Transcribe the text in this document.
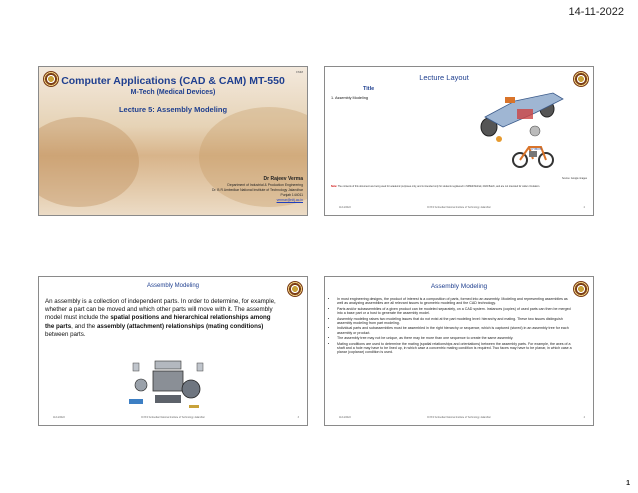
14-11-2022
FMM
Computer Applications (CAD & CAM) MT-550
M-Tech (Medical Devices)
Lecture 5: Assembly Modeling
Dr Rajeev Verma
Department of Industrial & Production Engineering
Dr. B R Ambedkar National Institute of Technology Jalandhar
Punjab 144011
vermar@nitj.ac.in
Lecture Layout
Title
1. Assembly Modeling
CYBO®
Source: Google images
Note: The contents of this document are being used for academic purposes only, and is intended only for students registered in NIPER-Mohali, 2022 Batch, and are not intended for wider circulation.
11/14/2022	Dr B R Ambedkar National Institute of Technology Jalandhar	2
Assembly Modeling
An assembly is a collection of independent parts. In order to determine, for example, whether a part can be moved and which other parts will move with it. The assembly model must include the spatial positions and hierarchical relationships among the parts, and the assembly (attachment) relationships (mating conditions) between parts.
11/14/2022	Dr B R Ambedkar National Institute of Technology Jalandhar	3
Assembly Modeling
• In most engineering designs, the product of interest is a composition of parts, formed into an assembly. Modeling and representing assemblies as well as analyzing assemblies are all relevant issues to geometric modeling and the CAD technology.
• Parts and/or subassemblies of a given product can be modeled separately, on a CAD system. Instances (copies) of used parts can then be merged into a base part or a host to generate the assembly model.
• Assembly modeling raises two modeling issues that do not exist at the part modeling level: hierarchy and mating. These two issues distinguish assembly modeling from part modeling.
• Individual parts and subassemblies must be assembled in the right hierarchy or sequence, which is captured (stored) in an assembly tree for each assembly or product.
• The assembly tree may not be unique, as there may be more than one sequence to create the same assembly.
• Mating conditions are used to determine the mating (spatial relationships and orientations) between the assembly parts. For example, the axes of a shaft and a hole may have to be lined up, in which case a concentric mating condition is required. Two faces may have to be planar, in which case a planar (coplanar) condition is used.
11/14/2022	Dr B R Ambedkar National Institute of Technology Jalandhar	4
1
